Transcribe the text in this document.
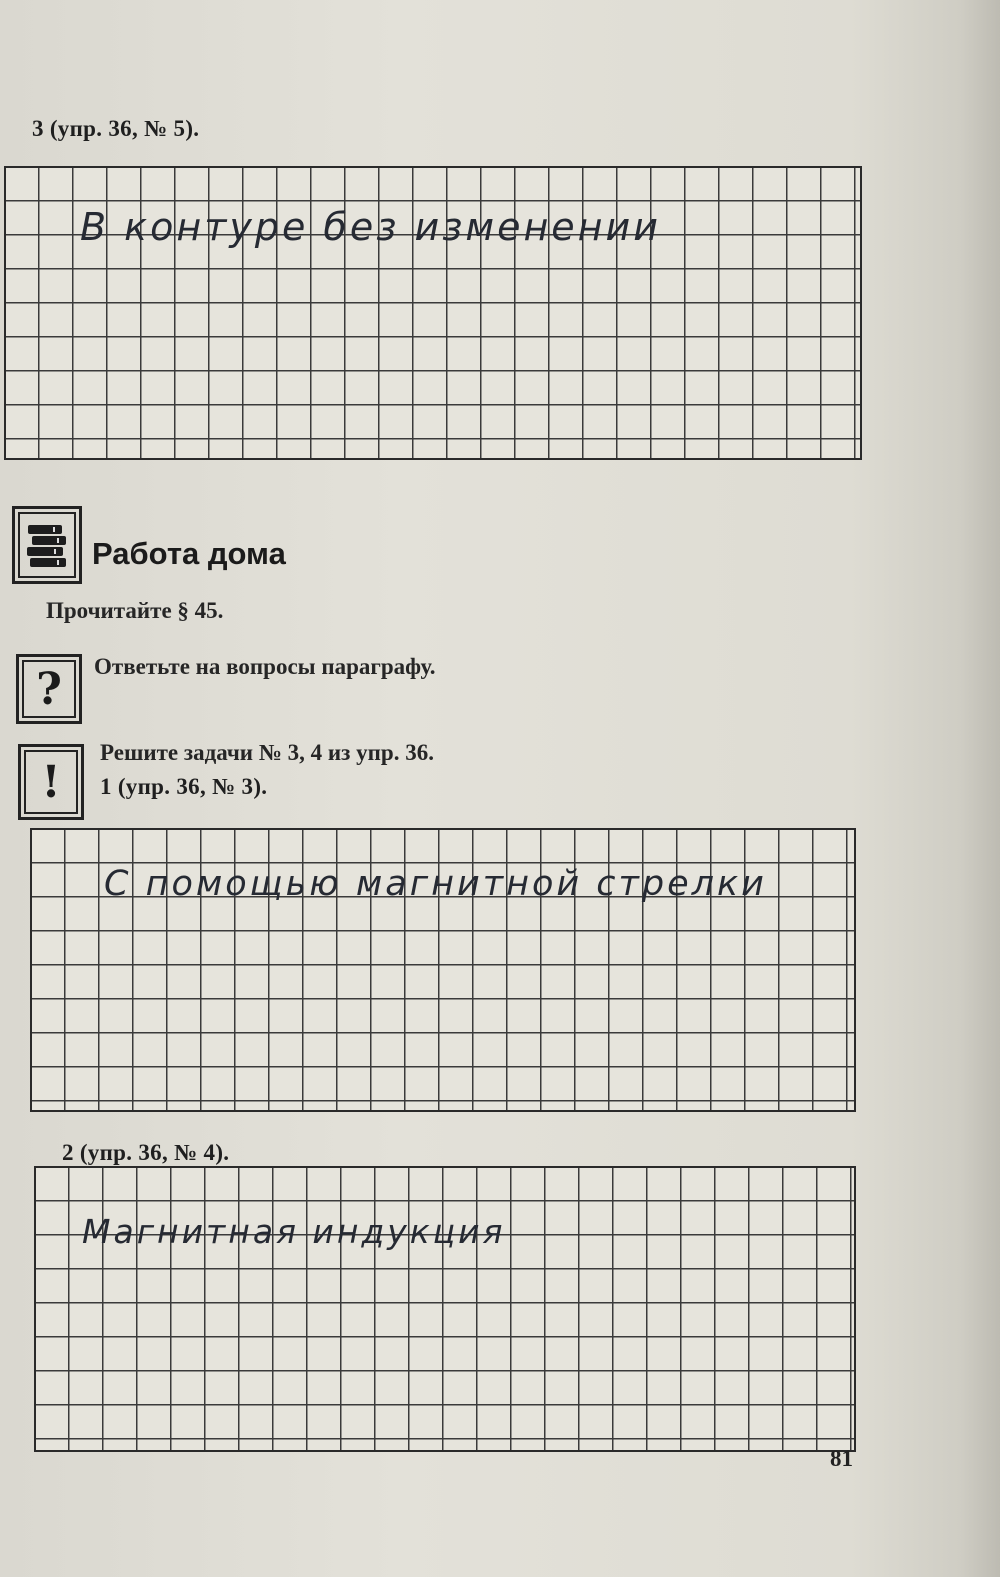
3 (упр. 36, № 5).
В контуре без изменении
Работа дома
Прочитайте § 45.
?	Ответьте на вопросы параграфу.
!
Решите задачи № 3, 4 из упр. 36.
1 (упр. 36, № 3).
С помощью магнитной стрелки
2 (упр. 36, № 4).
Магнитная индукция
81
